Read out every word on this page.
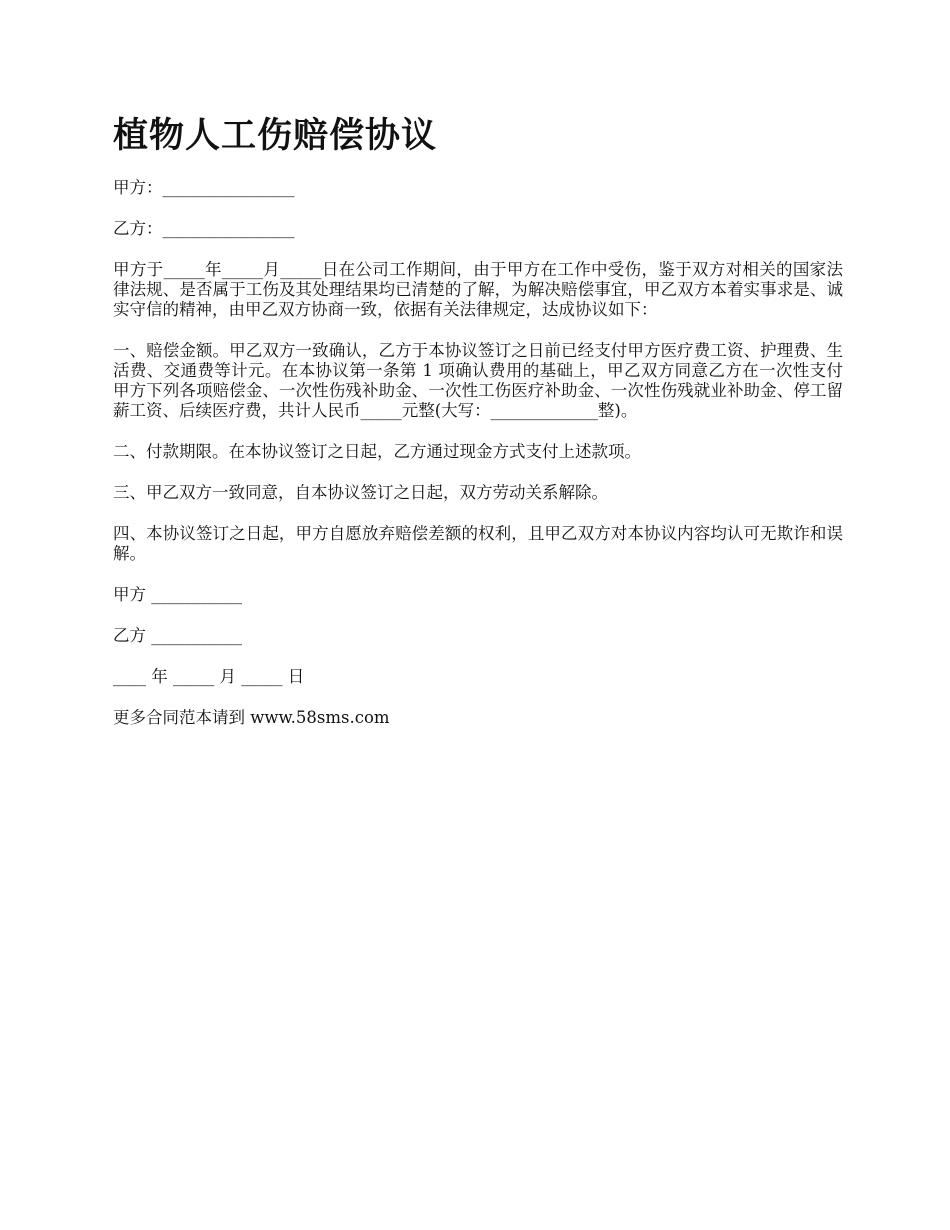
植物人工伤赔偿协议

甲方：________________

乙方：________________

甲方于_____年_____月_____日在公司工作期间，由于甲方在工作中受伤，鉴于双方对相关的国家法律法规、是否属于工伤及其处理结果均已清楚的了解，为解决赔偿事宜，甲乙双方本着实事求是、诚实守信的精神，由甲乙双方协商一致，依据有关法律规定，达成协议如下：

一、赔偿金额。甲乙双方一致确认，乙方于本协议签订之日前已经支付甲方医疗费工资、护理费、生活费、交通费等计元。在本协议第一条第 1 项确认费用的基础上，甲乙双方同意乙方在一次性支付甲方下列各项赔偿金、一次性伤残补助金、一次性工伤医疗补助金、一次性伤残就业补助金、停工留薪工资、后续医疗费，共计人民币_____元整(大写：_____________整)。

二、付款期限。在本协议签订之日起，乙方通过现金方式支付上述款项。

三、甲乙双方一致同意，自本协议签订之日起，双方劳动关系解除。

四、本协议签订之日起，甲方自愿放弃赔偿差额的权利，且甲乙双方对本协议内容均认可无欺诈和误解。

甲方 ___________

乙方 ___________

____ 年 _____ 月 _____ 日

更多合同范本请到 www.58sms.com
